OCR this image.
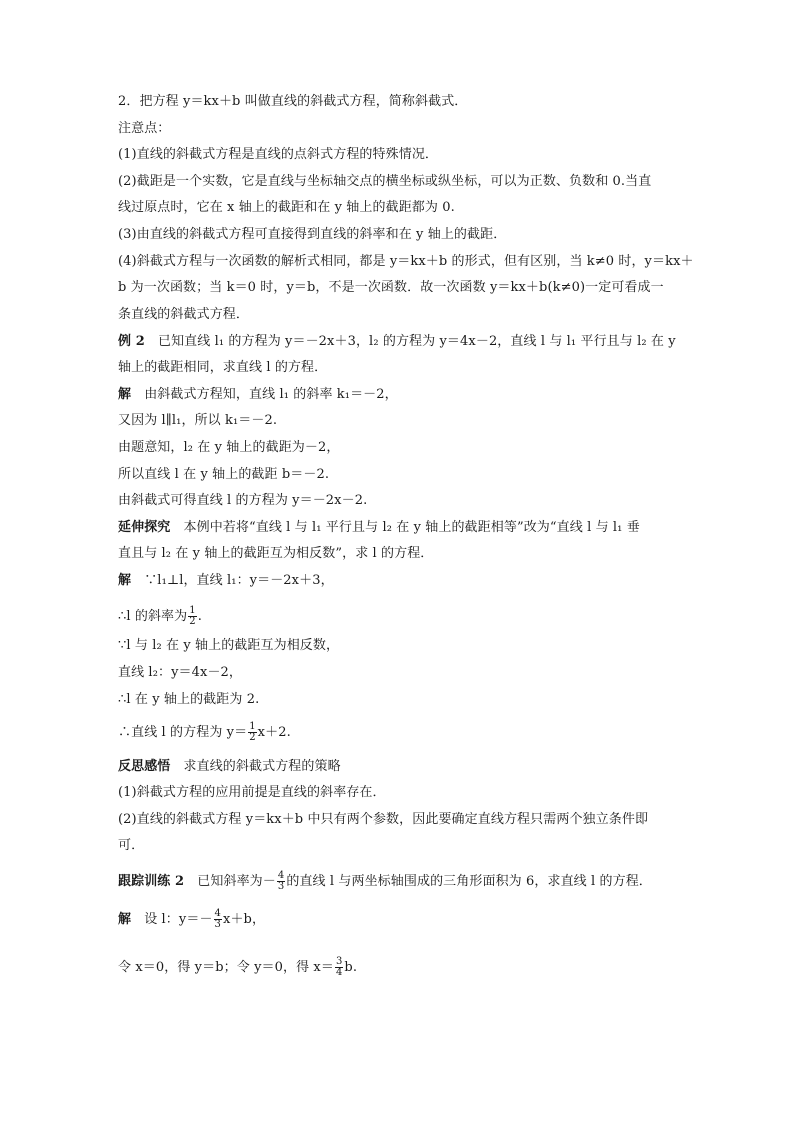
2．把方程 y＝kx＋b 叫做直线的斜截式方程，简称斜截式．
注意点：
(1)直线的斜截式方程是直线的点斜式方程的特殊情况．
(2)截距是一个实数，它是直线与坐标轴交点的横坐标或纵坐标，可以为正数、负数和 0.当直
线过原点时，它在 x 轴上的截距和在 y 轴上的截距都为 0.
(3)由直线的斜截式方程可直接得到直线的斜率和在 y 轴上的截距．
(4)斜截式方程与一次函数的解析式相同，都是 y＝kx＋b 的形式，但有区别，当 k≠0 时，y＝kx＋
b 为一次函数；当 k＝0 时，y＝b，不是一次函数．故一次函数 y＝kx＋b(k≠0)一定可看成一
条直线的斜截式方程．
例 2　已知直线 l₁ 的方程为 y＝－2x＋3，l₂ 的方程为 y＝4x－2，直线 l 与 l₁ 平行且与 l₂ 在 y
轴上的截距相同，求直线 l 的方程．
解　由斜截式方程知，直线 l₁ 的斜率 k₁＝－2，
又因为 l∥l₁，所以 k₁＝－2.
由题意知，l₂ 在 y 轴上的截距为－2，
所以直线 l 在 y 轴上的截距 b＝－2.
由斜截式可得直线 l 的方程为 y＝－2x－2.
延伸探究　本例中若将“直线 l 与 l₁ 平行且与 l₂ 在 y 轴上的截距相等”改为“直线 l 与 l₁ 垂
直且与 l₂ 在 y 轴上的截距互为相反数”，求 l 的方程．
解　∵l₁⊥l，直线 l₁：y＝－2x＋3，
∴l 的斜率为 $\frac{1}{2}$ .
∵l 与 l₂ 在 y 轴上的截距互为相反数，
直线 l₂：y＝4x－2，
∴l 在 y 轴上的截距为 2.
∴直线 l 的方程为 $y= \frac{1}{2} x+2$.
反思感悟　求直线的斜截式方程的策略
(1)斜截式方程的应用前提是直线的斜率存在．
(2)直线的斜截式方程 y＝kx＋b 中只有两个参数，因此要确定直线方程只需两个独立条件即
可．
跟踪训练 2　已知斜率为－ $\frac{4}{3}$ 的直线 l 与两坐标轴围成的三角形面积为 6，求直线 l 的方程．
解　设 l：$y=- \frac{4}{3} x+b$，
令 x＝0，得 y＝b；令 y＝0，得 $x= \frac{3}{4} b$.
